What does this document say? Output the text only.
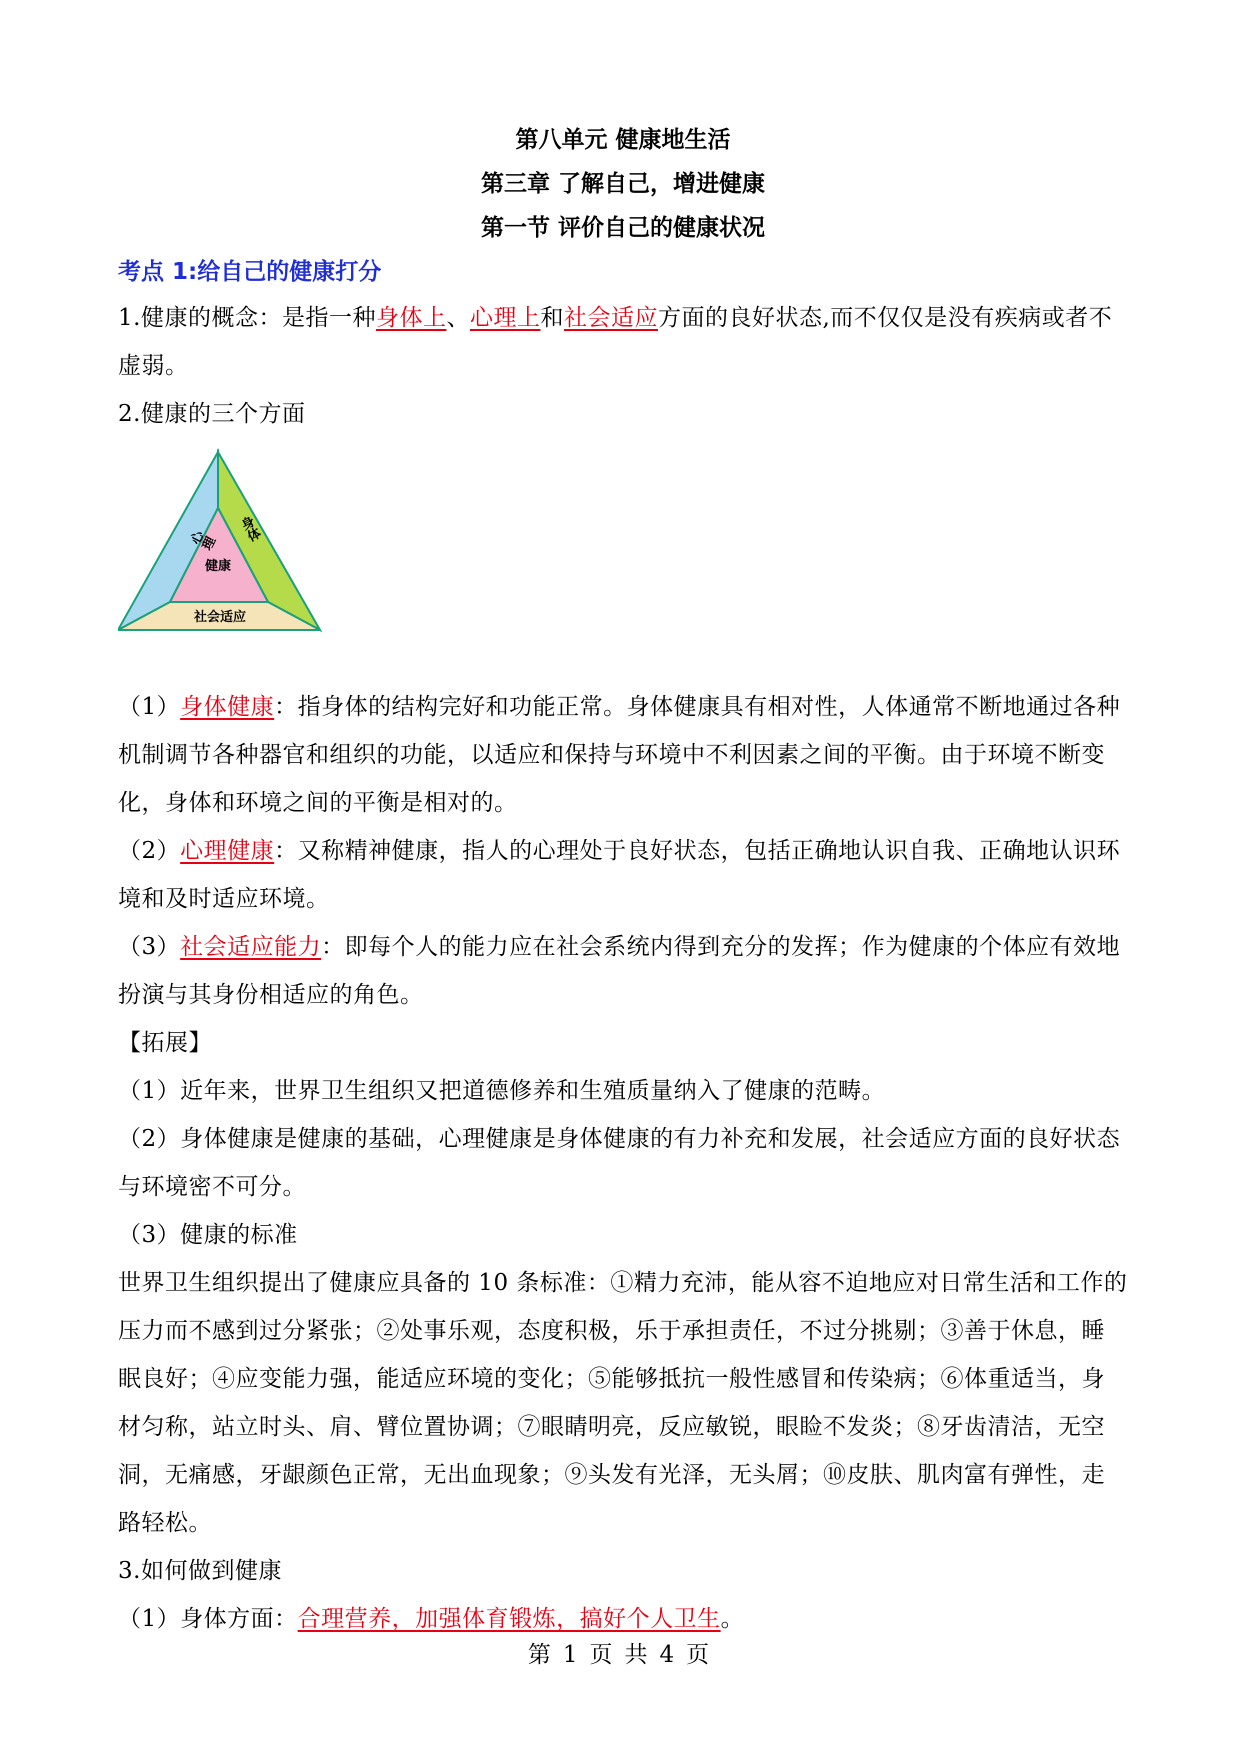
第八单元 健康地生活
第三章 了解自己，增进健康
第一节 评价自己的健康状况
考点 1:给自己的健康打分

1.健康的概念：是指一种身体上、心理上和社会适应方面的良好状态,而不仅仅是没有疾病或者不虚弱。

2.健康的三个方面

心理 身体
健康
社会适应

（1）身体健康：指身体的结构完好和功能正常。身体健康具有相对性，人体通常不断地通过各种机制调节各种器官和组织的功能，以适应和保持与环境中不利因素之间的平衡。由于环境不断变化，身体和环境之间的平衡是相对的。

（2）心理健康：又称精神健康，指人的心理处于良好状态，包括正确地认识自我、正确地认识环境和及时适应环境。

（3）社会适应能力：即每个人的能力应在社会系统内得到充分的发挥；作为健康的个体应有效地扮演与其身份相适应的角色。

【拓展】

（1）近年来，世界卫生组织又把道德修养和生殖质量纳入了健康的范畴。

（2）身体健康是健康的基础，心理健康是身体健康的有力补充和发展，社会适应方面的良好状态与环境密不可分。

（3）健康的标准

世界卫生组织提出了健康应具备的 10 条标准：①精力充沛，能从容不迫地应对日常生活和工作的压力而不感到过分紧张；②处事乐观，态度积极，乐于承担责任，不过分挑剔；③善于休息，睡眠良好；④应变能力强，能适应环境的变化；⑤能够抵抗一般性感冒和传染病；⑥体重适当，身材匀称，站立时头、肩、臂位置协调；⑦眼睛明亮，反应敏锐，眼睑不发炎；⑧牙齿清洁，无空洞，无痛感，牙龈颜色正常，无出血现象；⑨头发有光泽，无头屑；⑩皮肤、肌肉富有弹性，走路轻松。

3.如何做到健康

（1）身体方面：合理营养，加强体育锻炼，搞好个人卫生。

第 1 页 共 4 页
